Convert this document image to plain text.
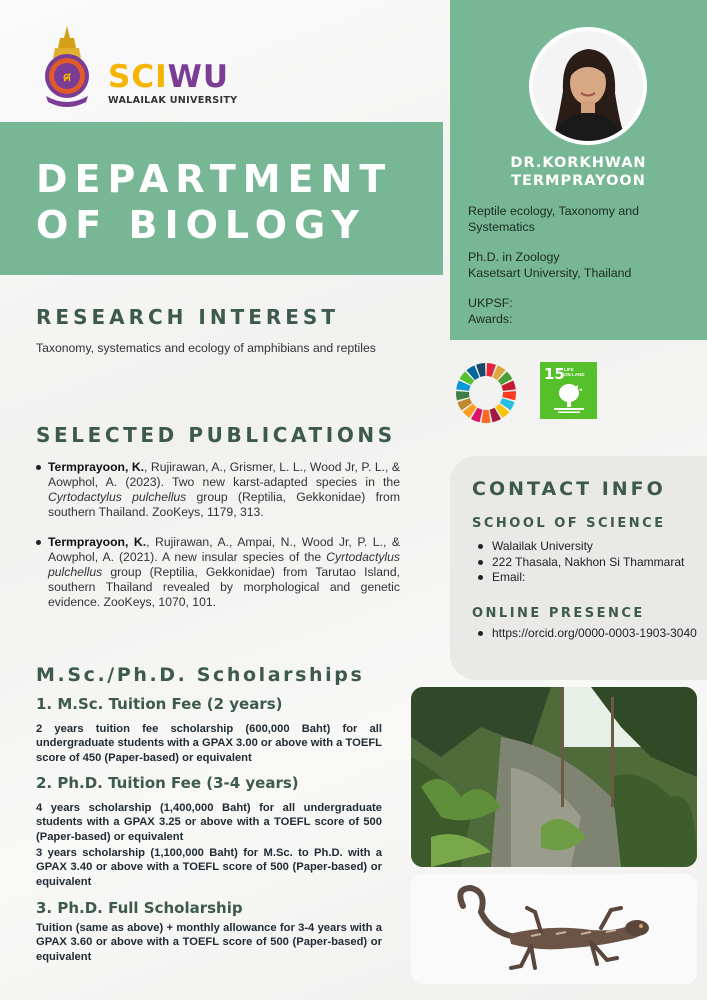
ศ SCIWU
WALAILAK UNIVERSITY
DEPARTMENT
OF BIOLOGY
DR.KORKHWAN
TERMPRAYOON
Reptile ecology, Taxonomy and
Systematics
Ph.D. in Zoology
Kasetsart University, Thailand
UKPSF:
Awards:
15 LIFE
ON LAND
RESEARCH INTEREST
Taxonomy, systematics and ecology of amphibians and reptiles
SELECTED PUBLICATIONS
Termprayoon, K., Rujirawan, A., Grismer, L. L., Wood Jr, P. L., & Aowphol, A. (2023). Two new karst-adapted species in the Cyrtodactylus pulchellus group (Reptilia, Gekkonidae) from southern Thailand. ZooKeys, 1179, 313.
Termprayoon, K., Rujirawan, A., Ampai, N., Wood Jr, P. L., & Aowphol, A. (2021). A new insular species of the Cyrtodactylus pulchellus group (Reptilia, Gekkonidae) from Tarutao Island, southern Thailand revealed by morphological and genetic evidence. ZooKeys, 1070, 101.
CONTACT INFO
SCHOOL OF SCIENCE
Walailak University
222 Thasala, Nakhon Si Thammarat
Email:
ONLINE PRESENCE
https://orcid.org/0000-0003-1903-3040
M.Sc./Ph.D. Scholarships
1. M.Sc. Tuition Fee (2 years)
2 years tuition fee scholarship (600,000 Baht) for all undergraduate students with a GPAX 3.00 or above with a TOEFL score of 450 (Paper-based) or equivalent
2. Ph.D. Tuition Fee (3-4 years)
4 years scholarship (1,400,000 Baht) for all undergraduate students with a GPAX 3.25 or above with a TOEFL score of 500 (Paper-based) or equivalent
3 years scholarship (1,100,000 Baht) for M.Sc. to Ph.D. with a GPAX 3.40 or above with a TOEFL score of 500 (Paper-based) or equivalent
3. Ph.D. Full Scholarship
Tuition (same as above) + monthly allowance for 3-4 years with a GPAX 3.60 or above with a TOEFL score of 500 (Paper-based) or equivalent
